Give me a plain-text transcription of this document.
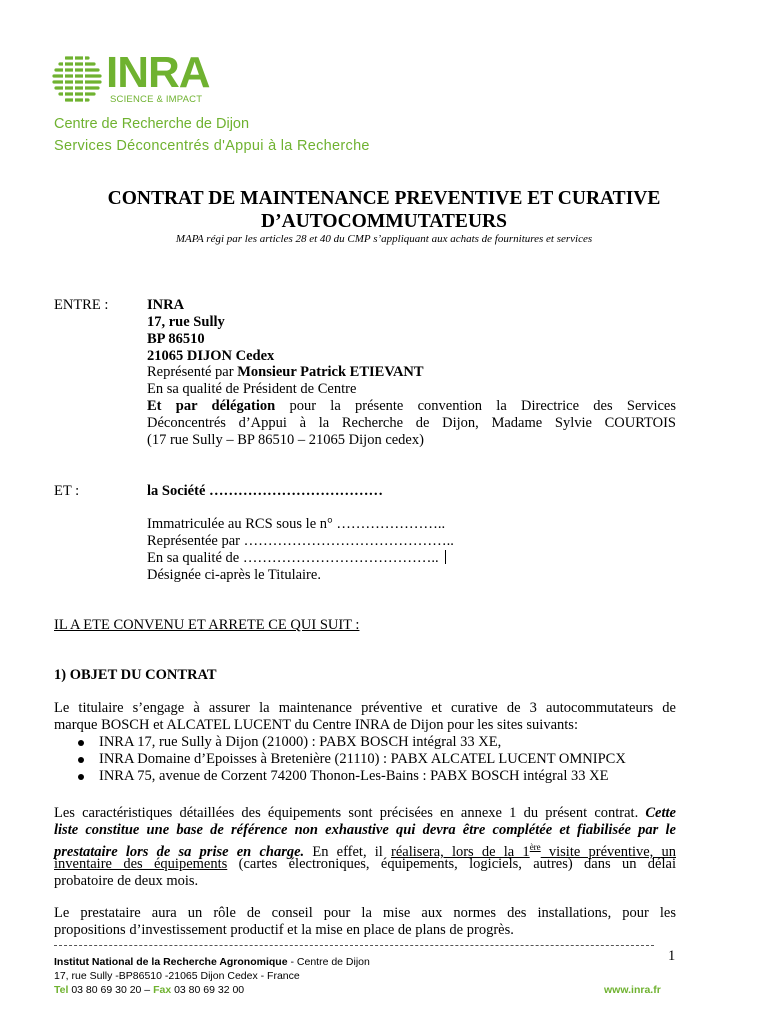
INRA
SCIENCE & IMPACT
Centre de Recherche de Dijon
Services Déconcentrés d'Appui à la Recherche
CONTRAT DE MAINTENANCE PREVENTIVE ET CURATIVE
D’AUTOCOMMUTATEURS
MAPA régi par les articles 28 et 40 du CMP s’appliquant aux achats de fournitures et services
ENTRE :	INRA
17, rue Sully
BP 86510
21065 DIJON Cedex
Représenté par Monsieur Patrick ETIEVANT
En sa qualité de Président de Centre
Et par délégation pour la présente convention la Directrice des Services
Déconcentrés d’Appui à la Recherche de Dijon, Madame Sylvie COURTOIS
(17 rue Sully – BP 86510 – 21065 Dijon cedex)
ET :	la Société ………………………………
Immatriculée au RCS sous le n° …………………..
Représentée par ……………………………………..
En sa qualité de …………………………………..
Désignée ci-après le Titulaire.
IL A ETE CONVENU ET ARRETE CE QUI SUIT :
1) OBJET DU CONTRAT
Le titulaire s’engage à assurer la maintenance préventive et curative de 3 autocommutateurs de
marque BOSCH et ALCATEL LUCENT du Centre INRA de Dijon pour les sites suivants:
INRA 17, rue Sully à Dijon (21000) : PABX BOSCH intégral 33 XE,
INRA Domaine d’Epoisses à Bretenière (21110) : PABX ALCATEL LUCENT OMNIPCX
INRA 75, avenue de Corzent 74200 Thonon-Les-Bains : PABX BOSCH intégral 33 XE
Les caractéristiques détaillées des équipements sont précisées en annexe 1 du présent contrat. Cette
liste constitue une base de référence non exhaustive qui devra être complétée et fiabilisée par le
prestataire lors de sa prise en charge. En effet, il réalisera, lors de la 1ère visite préventive, un
inventaire des équipements (cartes électroniques, équipements, logiciels, autres) dans un délai
probatoire de deux mois.
Le prestataire aura un rôle de conseil pour la mise aux normes des installations, pour les
propositions d’investissement productif et la mise en place de plans de progrès.
1
Institut National de la Recherche Agronomique - Centre de Dijon
17, rue Sully -BP86510 -21065 Dijon Cedex - France
Tel 03 80 69 30 20 – Fax 03 80 69 32 00	www.inra.fr
